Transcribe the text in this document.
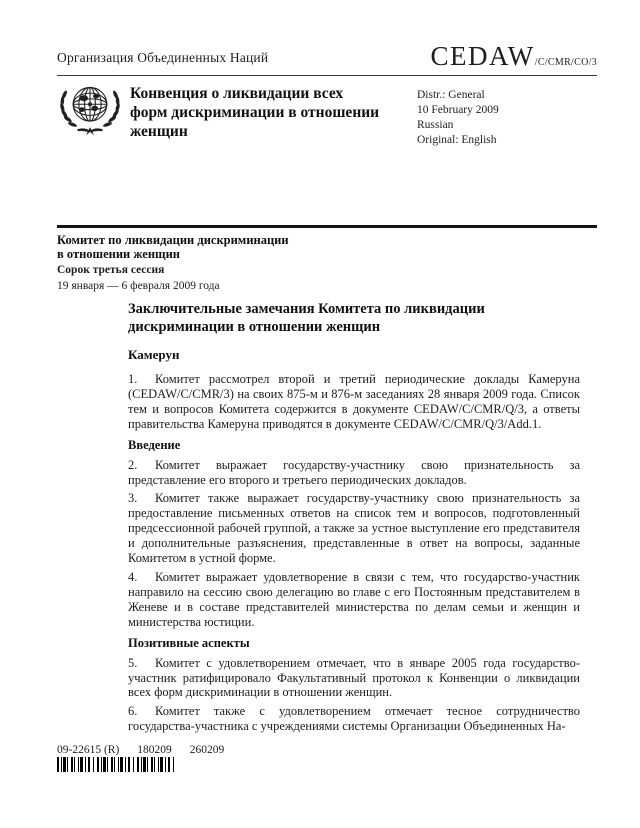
Организация Объединенных Наций	CEDAW/C/CMR/CO/3
Конвенция о ликвидации всех форм дискриминации в отношении женщин
Distr.: General
10 February 2009
Russian
Original: English
Комитет по ликвидации дискриминации
в отношении женщин
Сорок третья сессия
19 января — 6 февраля 2009 года
Заключительные замечания Комитета по ликвидации дискриминации в отношении женщин
Камерун

1. Комитет рассмотрел второй и третий периодические доклады Камеруна (CEDAW/C/CMR/3) на своих 875-м и 876-м заседаниях 28 января 2009 года. Список тем и вопросов Комитета содержится в документе CEDAW/C/CMR/Q/3, а ответы правительства Камеруна приводятся в документе CEDAW/C/CMR/Q/3/Add.1.

Введение

2. Комитет выражает государству-участнику свою признательность за представление его второго и третьего периодических докладов.

3. Комитет также выражает государству-участнику свою признательность за предоставление письменных ответов на список тем и вопросов, подготовленный предсессионной рабочей группой, а также за устное выступление его представителя и дополнительные разъяснения, представленные в ответ на вопросы, заданные Комитетом в устной форме.

4. Комитет выражает удовлетворение в связи с тем, что государство-участник направило на сессию свою делегацию во главе с его Постоянным представителем в Женеве и в составе представителей министерства по делам семьи и женщин и министерства юстиции.

Позитивные аспекты

5. Комитет с удовлетворением отмечает, что в январе 2005 года государство-участник ратифицировало Факультативный протокол к Конвенции о ликвидации всех форм дискриминации в отношении женщин.

6. Комитет также с удовлетворением отмечает тесное сотрудничество государства-участника с учреждениями системы Организации Объединенных На-

09-22615 (R) 180209 260209
